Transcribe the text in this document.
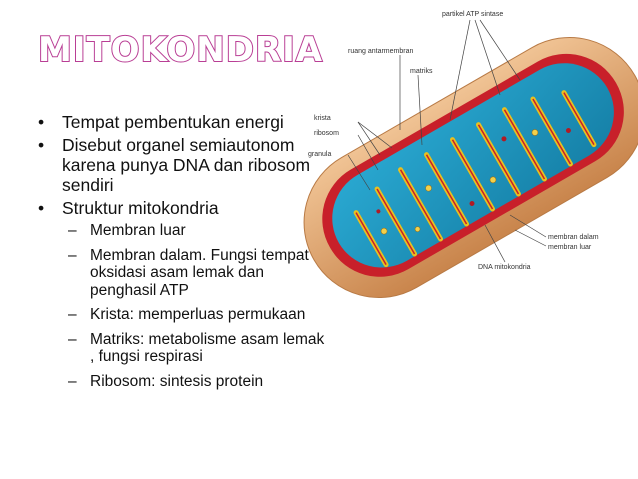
MITOKONDRIA
• Tempat pembentukan energi
• Disebut organel semiautonom karena punya DNA dan ribosom sendiri
• Struktur mitokondria
– Membran luar
– Membran dalam. Fungsi tempat oksidasi asam lemak dan penghasil ATP
– Krista: memperluas permukaan
– Matriks: metabolisme asam lemak , fungsi respirasi
– Ribosom: sintesis protein
partikel ATP sintase
ruang antarmembran
matriks
krista
ribosom
granula
membran dalam
membran luar
DNA mitokondria
